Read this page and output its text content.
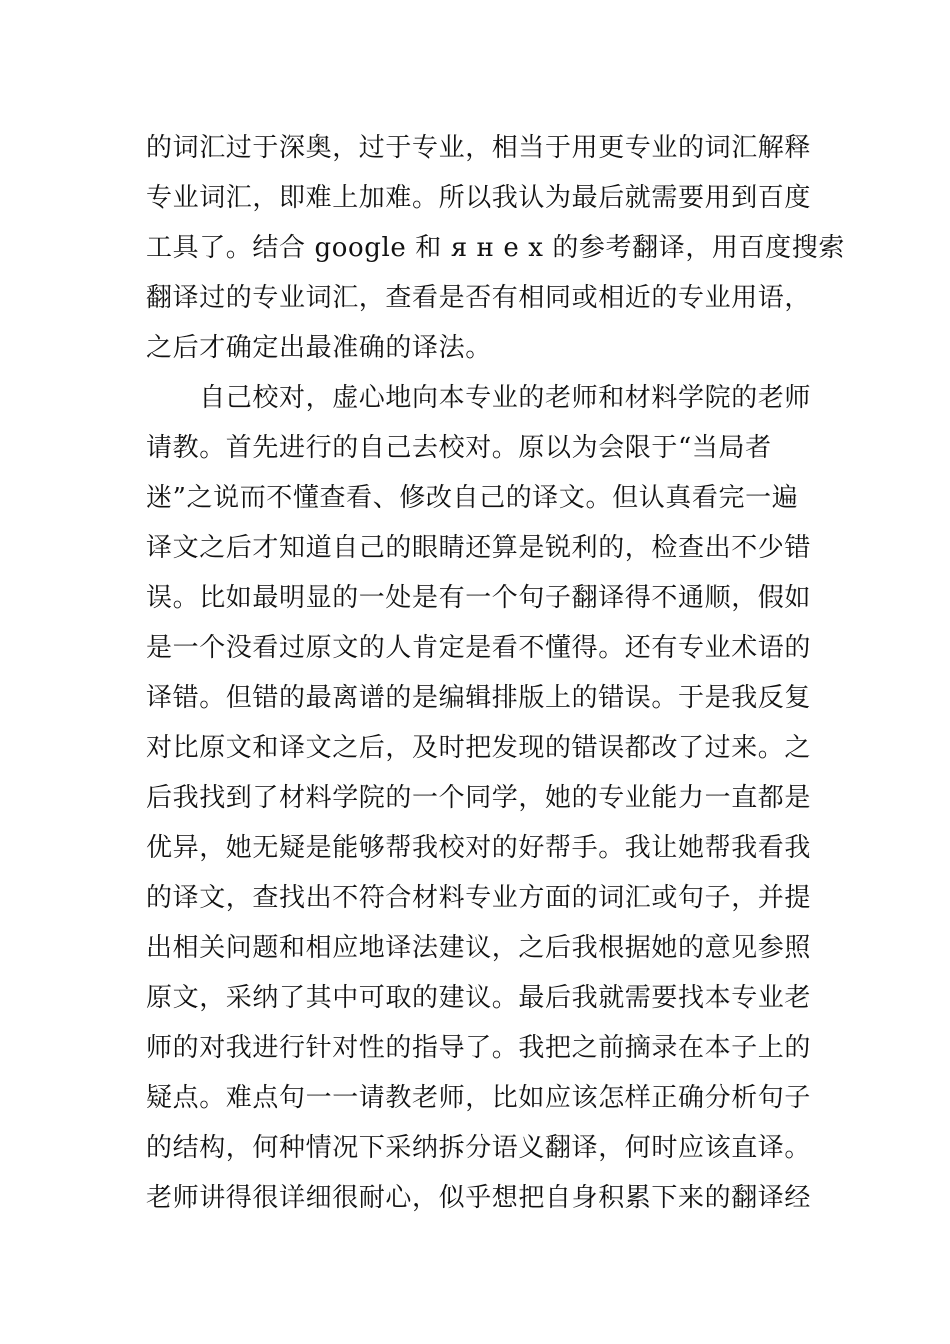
的词汇过于深奥，过于专业，相当于用更专业的词汇解释
专业词汇，即难上加难。所以我认为最后就需要用到百度
工具了。结合 google 和 я н е х 的参考翻译，用百度搜索
翻译过的专业词汇，查看是否有相同或相近的专业用语，
之后才确定出最准确的译法。
　　自己校对，虚心地向本专业的老师和材料学院的老师
请教。首先进行的自己去校对。原以为会限于“当局者
迷”之说而不懂查看、修改自己的译文。但认真看完一遍
译文之后才知道自己的眼睛还算是锐利的，检查出不少错
误。比如最明显的一处是有一个句子翻译得不通顺，假如
是一个没看过原文的人肯定是看不懂得。还有专业术语的
译错。但错的最离谱的是编辑排版上的错误。于是我反复
对比原文和译文之后，及时把发现的错误都改了过来。之
后我找到了材料学院的一个同学，她的专业能力一直都是
优异，她无疑是能够帮我校对的好帮手。我让她帮我看我
的译文，查找出不符合材料专业方面的词汇或句子，并提
出相关问题和相应地译法建议，之后我根据她的意见参照
原文，采纳了其中可取的建议。最后我就需要找本专业老
师的对我进行针对性的指导了。我把之前摘录在本子上的
疑点。难点句一一请教老师，比如应该怎样正确分析句子
的结构，何种情况下采纳拆分语义翻译，何时应该直译。
老师讲得很详细很耐心，似乎想把自身积累下来的翻译经
